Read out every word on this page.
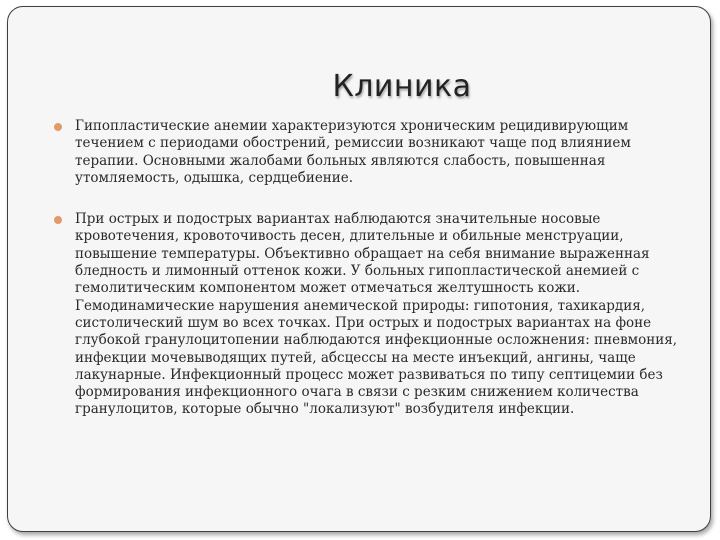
Клиника
Гипопластические анемии характеризуются хроническим рецидивирующим течением с периодами обострений, ремиссии возникают чаще под влиянием терапии. Основными жалобами больных являются слабость, повышенная утомляемость, одышка, сердцебиение.
При острых и подострых вариантах наблюдаются значительные носовые кровотечения, кровоточивость десен, длительные и обильные менструации, повышение температуры. Объективно обращает на себя внимание выраженная бледность и лимонный оттенок кожи. У больных гипопластической анемией с гемолитическим компонентом может отмечаться желтушность кожи. Гемодинамические нарушения анемической природы: гипотония, тахикардия, систолический шум во всех точках. При острых и подострых вариантах на фоне глубокой гранулоцитопении наблюдаются инфекционные осложнения: пневмония, инфекции мочевыводящих путей, абсцессы на месте инъекций, ангины, чаще лакунарные. Инфекционный процесс может развиваться по типу септицемии без формирования инфекционного очага в связи с резким снижением количества гранулоцитов, которые обычно "локализуют" возбудителя инфекции.
